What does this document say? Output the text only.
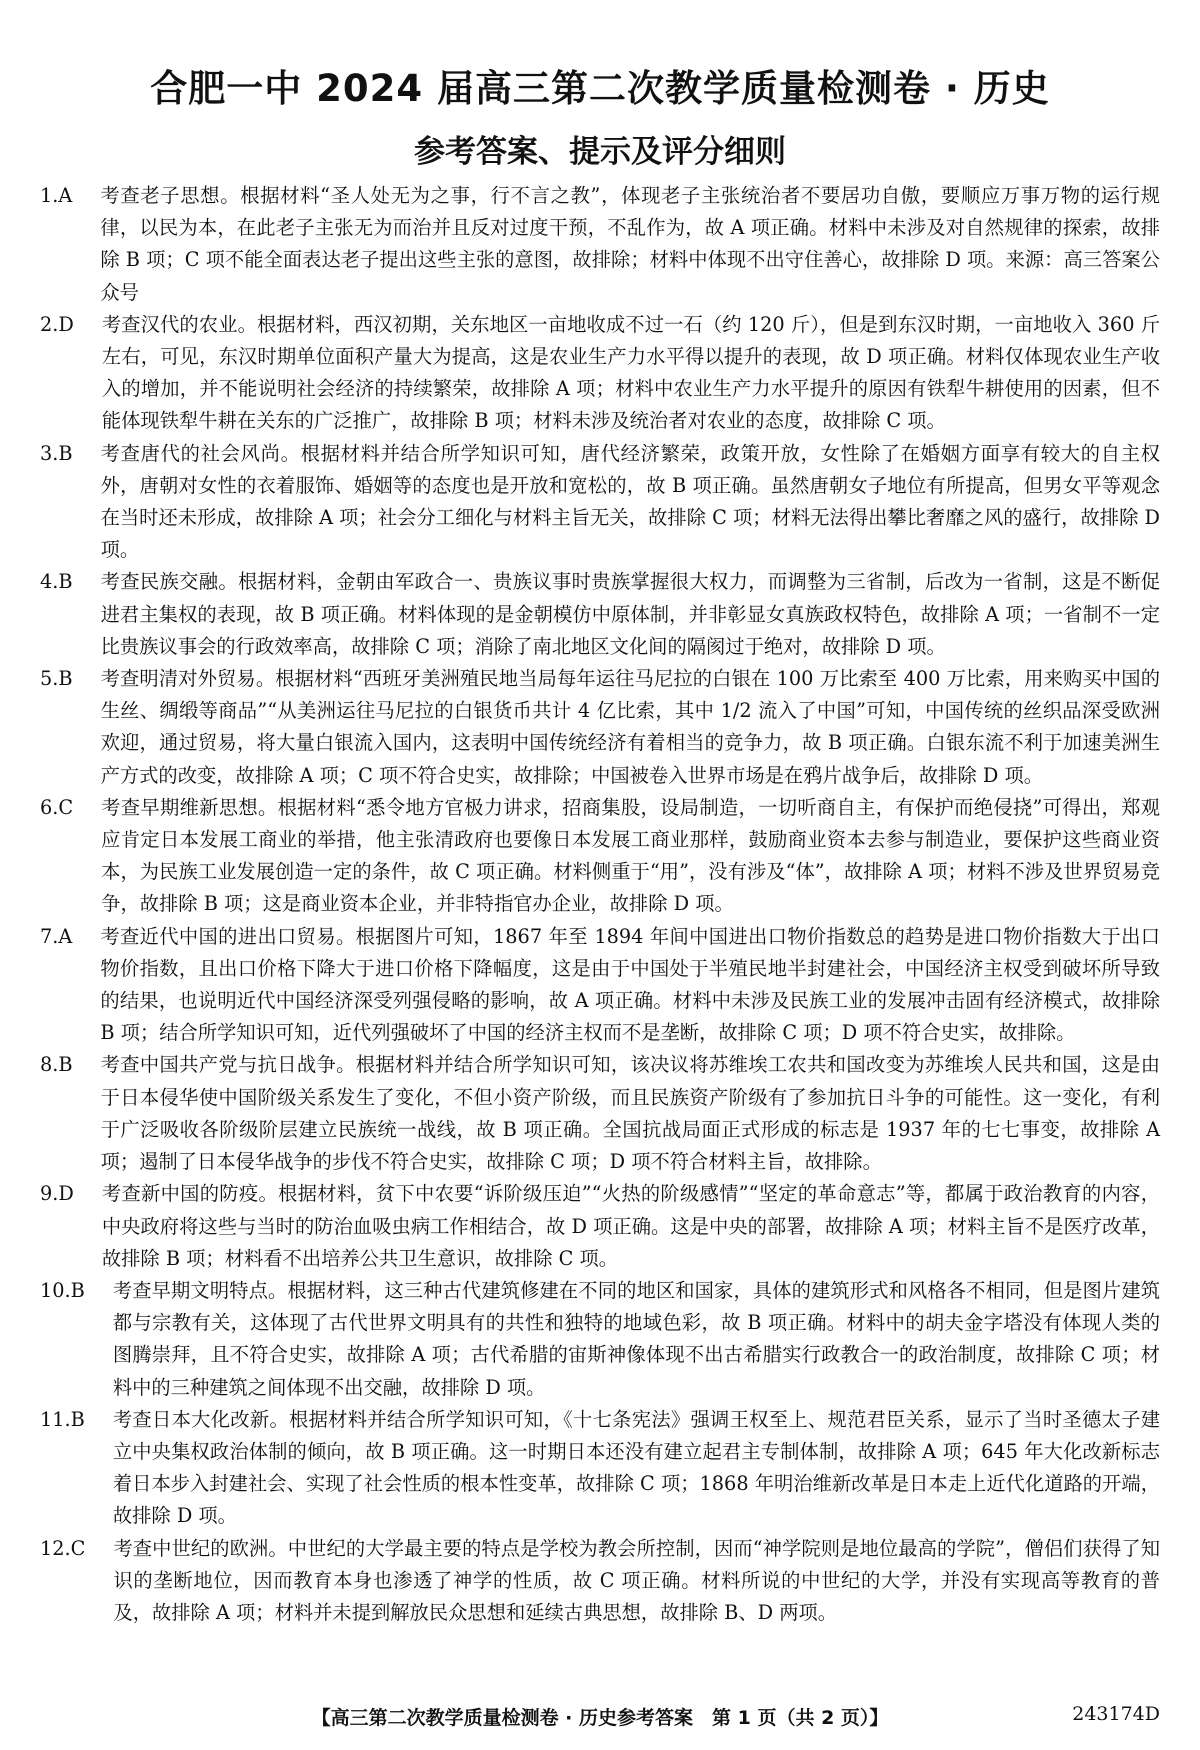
合肥一中 2024 届高三第二次教学质量检测卷 · 历史
参考答案、提示及评分细则
1.A	考查老子思想。根据材料“圣人处无为之事，行不言之教”，体现老子主张统治者不要居功自傲，要顺应万事万物的运行规律，以民为本，在此老子主张无为而治并且反对过度干预，不乱作为，故 A 项正确。材料中未涉及对自然规律的探索，故排除 B 项；C 项不能全面表达老子提出这些主张的意图，故排除；材料中体现不出守住善心，故排除 D 项。来源：高三答案公众号
2.D	考查汉代的农业。根据材料，西汉初期，关东地区一亩地收成不过一石（约 120 斤），但是到东汉时期，一亩地收入 360 斤左右，可见，东汉时期单位面积产量大为提高，这是农业生产力水平得以提升的表现，故 D 项正确。材料仅体现农业生产收入的增加，并不能说明社会经济的持续繁荣，故排除 A 项；材料中农业生产力水平提升的原因有铁犁牛耕使用的因素，但不能体现铁犁牛耕在关东的广泛推广，故排除 B 项；材料未涉及统治者对农业的态度，故排除 C 项。
3.B	考查唐代的社会风尚。根据材料并结合所学知识可知，唐代经济繁荣，政策开放，女性除了在婚姻方面享有较大的自主权外，唐朝对女性的衣着服饰、婚姻等的态度也是开放和宽松的，故 B 项正确。虽然唐朝女子地位有所提高，但男女平等观念在当时还未形成，故排除 A 项；社会分工细化与材料主旨无关，故排除 C 项；材料无法得出攀比奢靡之风的盛行，故排除 D 项。
4.B	考查民族交融。根据材料，金朝由军政合一、贵族议事时贵族掌握很大权力，而调整为三省制，后改为一省制，这是不断促进君主集权的表现，故 B 项正确。材料体现的是金朝模仿中原体制，并非彰显女真族政权特色，故排除 A 项；一省制不一定比贵族议事会的行政效率高，故排除 C 项；消除了南北地区文化间的隔阂过于绝对，故排除 D 项。
5.B	考查明清对外贸易。根据材料“西班牙美洲殖民地当局每年运往马尼拉的白银在 100 万比索至 400 万比索，用来购买中国的生丝、绸缎等商品”“从美洲运往马尼拉的白银货币共计 4 亿比索，其中 1/2 流入了中国”可知，中国传统的丝织品深受欧洲欢迎，通过贸易，将大量白银流入国内，这表明中国传统经济有着相当的竞争力，故 B 项正确。白银东流不利于加速美洲生产方式的改变，故排除 A 项；C 项不符合史实，故排除；中国被卷入世界市场是在鸦片战争后，故排除 D 项。
6.C	考查早期维新思想。根据材料“悉令地方官极力讲求，招商集股，设局制造，一切听商自主，有保护而绝侵挠”可得出，郑观应肯定日本发展工商业的举措，他主张清政府也要像日本发展工商业那样，鼓励商业资本去参与制造业，要保护这些商业资本，为民族工业发展创造一定的条件，故 C 项正确。材料侧重于“用”，没有涉及“体”，故排除 A 项；材料不涉及世界贸易竞争，故排除 B 项；这是商业资本企业，并非特指官办企业，故排除 D 项。
7.A	考查近代中国的进出口贸易。根据图片可知，1867 年至 1894 年间中国进出口物价指数总的趋势是进口物价指数大于出口物价指数，且出口价格下降大于进口价格下降幅度，这是由于中国处于半殖民地半封建社会，中国经济主权受到破坏所导致的结果，也说明近代中国经济深受列强侵略的影响，故 A 项正确。材料中未涉及民族工业的发展冲击固有经济模式，故排除 B 项；结合所学知识可知，近代列强破坏了中国的经济主权而不是垄断，故排除 C 项；D 项不符合史实，故排除。
8.B	考查中国共产党与抗日战争。根据材料并结合所学知识可知，该决议将苏维埃工农共和国改变为苏维埃人民共和国，这是由于日本侵华使中国阶级关系发生了变化，不但小资产阶级，而且民族资产阶级有了参加抗日斗争的可能性。这一变化，有利于广泛吸收各阶级阶层建立民族统一战线，故 B 项正确。全国抗战局面正式形成的标志是 1937 年的七七事变，故排除 A 项；遏制了日本侵华战争的步伐不符合史实，故排除 C 项；D 项不符合材料主旨，故排除。
9.D	考查新中国的防疫。根据材料，贫下中农要“诉阶级压迫”“火热的阶级感情”“坚定的革命意志”等，都属于政治教育的内容，中央政府将这些与当时的防治血吸虫病工作相结合，故 D 项正确。这是中央的部署，故排除 A 项；材料主旨不是医疗改革，故排除 B 项；材料看不出培养公共卫生意识，故排除 C 项。
10.B	考查早期文明特点。根据材料，这三种古代建筑修建在不同的地区和国家，具体的建筑形式和风格各不相同，但是图片建筑都与宗教有关，这体现了古代世界文明具有的共性和独特的地域色彩，故 B 项正确。材料中的胡夫金字塔没有体现人类的图腾崇拜，且不符合史实，故排除 A 项；古代希腊的宙斯神像体现不出古希腊实行政教合一的政治制度，故排除 C 项；材料中的三种建筑之间体现不出交融，故排除 D 项。
11.B	考查日本大化改新。根据材料并结合所学知识可知，《十七条宪法》强调王权至上、规范君臣关系，显示了当时圣德太子建立中央集权政治体制的倾向，故 B 项正确。这一时期日本还没有建立起君主专制体制，故排除 A 项；645 年大化改新标志着日本步入封建社会、实现了社会性质的根本性变革，故排除 C 项；1868 年明治维新改革是日本走上近代化道路的开端，故排除 D 项。
12.C	考查中世纪的欧洲。中世纪的大学最主要的特点是学校为教会所控制，因而“神学院则是地位最高的学院”，僧侣们获得了知识的垄断地位，因而教育本身也渗透了神学的性质，故 C 项正确。材料所说的中世纪的大学，并没有实现高等教育的普及，故排除 A 项；材料并未提到解放民众思想和延续古典思想，故排除 B、D 两项。
【高三第二次教学质量检测卷 · 历史参考答案　第 1 页（共 2 页）】	243174D
